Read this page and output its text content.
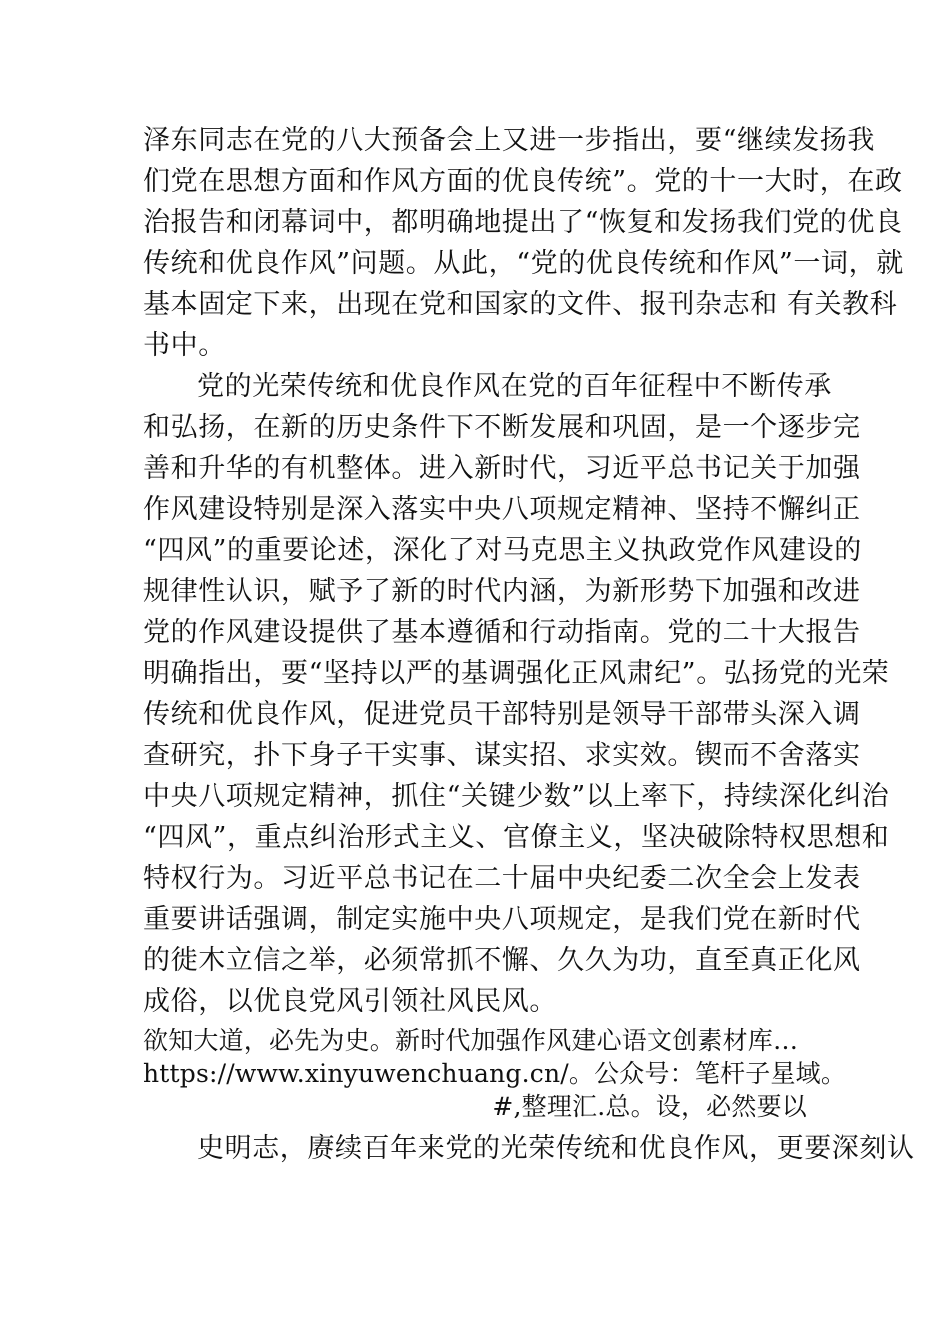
泽东同志在党的八大预备会上又进一步指出，要“继续发扬我
们党在思想方面和作风方面的优良传统”。党的十一大时，在政
治报告和闭幕词中，都明确地提出了“恢复和发扬我们党的优良
传统和优良作风”问题。从此，“党的优良传统和作风”一词，就
基本固定下来，出现在党和国家的文件、报刊杂志和 有关教科
书中。
党的光荣传统和优良作风在党的百年征程中不断传承
和弘扬，在新的历史条件下不断发展和巩固，是一个逐步完
善和升华的有机整体。进入新时代，习近平总书记关于加强
作风建设特别是深入落实中央八项规定精神、坚持不懈纠正
“四风”的重要论述，深化了对马克思主义执政党作风建设的
规律性认识，赋予了新的时代内涵，为新形势下加强和改进
党的作风建设提供了基本遵循和行动指南。党的二十大报告
明确指出，要“坚持以严的基调强化正风肃纪”。弘扬党的光荣
传统和优良作风，促进党员干部特别是领导干部带头深入调
查研究，扑下身子干实事、谋实招、求实效。锲而不舍落实
中央八项规定精神，抓住“关键少数”以上率下，持续深化纠治
“四风”，重点纠治形式主义、官僚主义，坚决破除特权思想和
特权行为。习近平总书记在二十届中央纪委二次全会上发表
重要讲话强调，制定实施中央八项规定，是我们党在新时代
的徙木立信之举，必须常抓不懈、久久为功，直至真正化风
成俗，以优良党风引领社风民风。
欲知大道，必先为史。新时代加强作风建心语文创素材库…
https://www.xinyuwenchuang.cn/。公众号：笔杆子星域。
#,整理汇.总。设，必然要以
史明志，赓续百年来党的光荣传统和优良作风，更要深刻认
